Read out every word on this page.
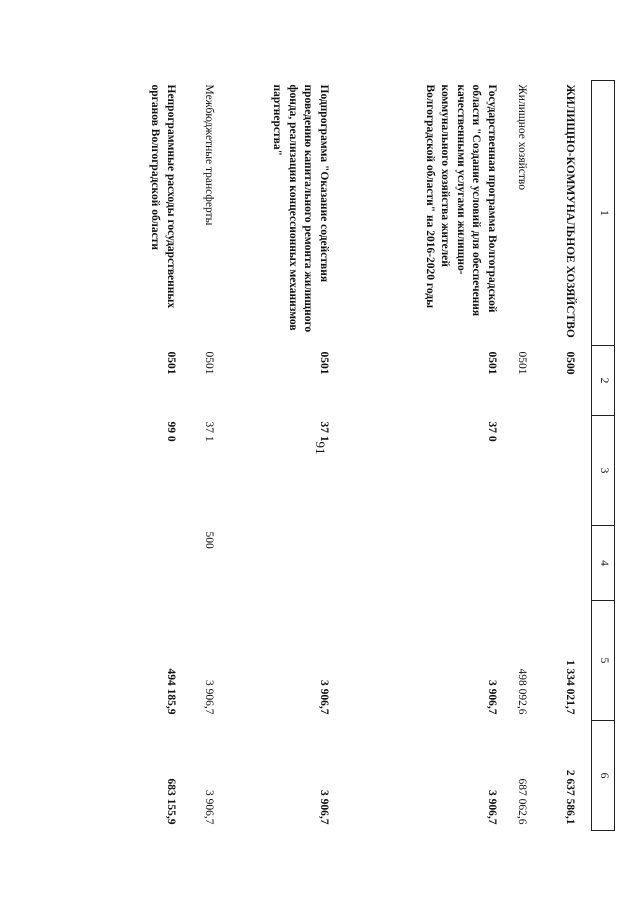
91
1	2	3	4	5	6

ЖИЛИЩНО-КОММУНАЛЬНОЕ ХОЗЯЙСТВО	0500			1 334 021,7	2 637 586,1
Жилищное хозяйство	0501			498 092,6	687 062,6
Государственная программа Волгоградской области "Создание условий для обеспечения качественными услугами жилищно-коммунального хозяйства жителей Волгоградской области" на 2016-2020 годы	0501	37 0		3 906,7	3 906,7
Подпрограмма "Оказание содействия проведению капитального ремонта жилищного фонда, реализация концессионных механизмов партнерства"	0501	37 1		3 906,7	3 906,7
Межбюджетные трансферты	0501	37 1	500	3 906,7	3 906,7
Непрограммные расходы государственных органов Волгоградской области	0501	99 0		494 185,9	683 155,9
